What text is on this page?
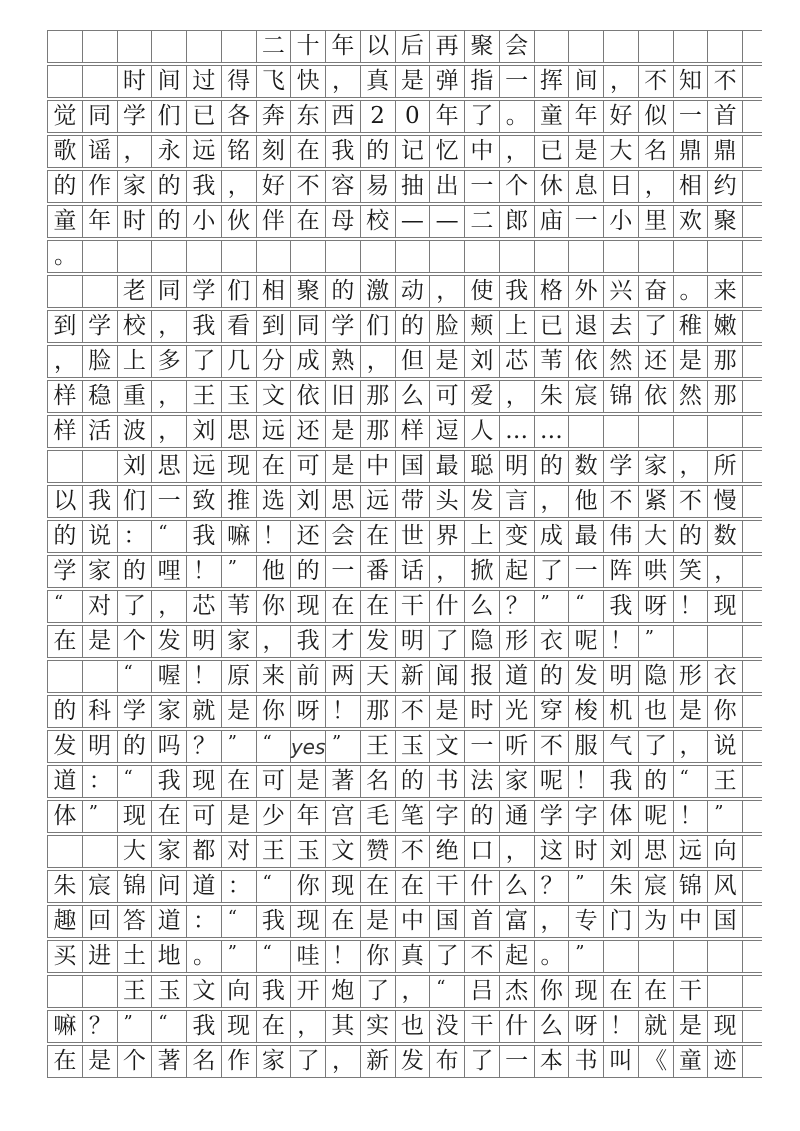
二 十 年 以 后 再 聚 会
时 间 过 得 飞 快 ， 真 是 弹 指 一 挥 间 ， 不 知 不
觉 同 学 们 已 各 奔 东 西 2 0 年 了 。 童 年 好 似 一 首
歌 谣 ， 永 远 铭 刻 在 我 的 记 忆 中 ， 已 是 大 名 鼎 鼎
的 作 家 的 我 ， 好 不 容 易 抽 出 一 个 休 息 日 ， 相 约
童 年 时 的 小 伙 伴 在 母 校 — — 二 郎 庙 一 小 里 欢 聚
。
老 同 学 们 相 聚 的 激 动 ， 使 我 格 外 兴 奋 。 来
到 学 校 ， 我 看 到 同 学 们 的 脸 颊 上 已 退 去 了 稚 嫩
， 脸 上 多 了 几 分 成 熟 ， 但 是 刘 芯 苇 依 然 还 是 那
样 稳 重 ， 王 玉 文 依 旧 那 么 可 爱 ， 朱 宸 锦 依 然 那
样 活 波 ， 刘 思 远 还 是 那 样 逗 人 … …
刘 思 远 现 在 可 是 中 国 最 聪 明 的 数 学 家 ， 所
以 我 们 一 致 推 选 刘 思 远 带 头 发 言 ， 他 不 紧 不 慢
的 说 ： “	我 嘛 ！ 还 会 在 世 界 上 变 成 最 伟 大 的 数
学 家 的 哩 ！ ”	他 的 一 番 话 ， 掀 起 了 一 阵 哄 笑 ，
“	对 了 ， 芯 苇 你 现 在 在 干 什 么 ？ ”	“	我 呀 ！ 现
在 是 个 发 明 家 ， 我 才 发 明 了 隐 形 衣 呢 ！ ”
“	喔 ！ 原 来 前 两 天 新 闻 报 道 的 发 明 隐 形 衣
的 科 学 家 就 是 你 呀 ！ 那 不 是 时 光 穿 梭 机 也 是 你
发 明 的 吗 ？ ”	“ yes ”	王 玉 文 一 听 不 服 气 了 ， 说
道 ： “	我 现 在 可 是 著 名 的 书 法 家 呢 ！ 我 的 “	王
体 ”	现 在 可 是 少 年 宫 毛 笔 字 的 通 学 字 体 呢 ！ ”
大 家 都 对 王 玉 文 赞 不 绝 口 ， 这 时 刘 思 远 向
朱 宸 锦 问 道 ： “	你 现 在 在 干 什 么 ？ ”	朱 宸 锦 风
趣 回 答 道 ： “	我 现 在 是 中 国 首 富 ， 专 门 为 中 国
买 进 土 地 。 ”	“	哇 ！ 你 真 了 不 起 。 ”
王 玉 文 向 我 开 炮 了 ， “	吕 杰 你 现 在 在 干
嘛 ？ ”	“	我 现 在 ， 其 实 也 没 干 什 么 呀 ！ 就 是 现
在 是 个 著 名 作 家 了 ， 新 发 布 了 一 本 书 叫 《 童 迹
